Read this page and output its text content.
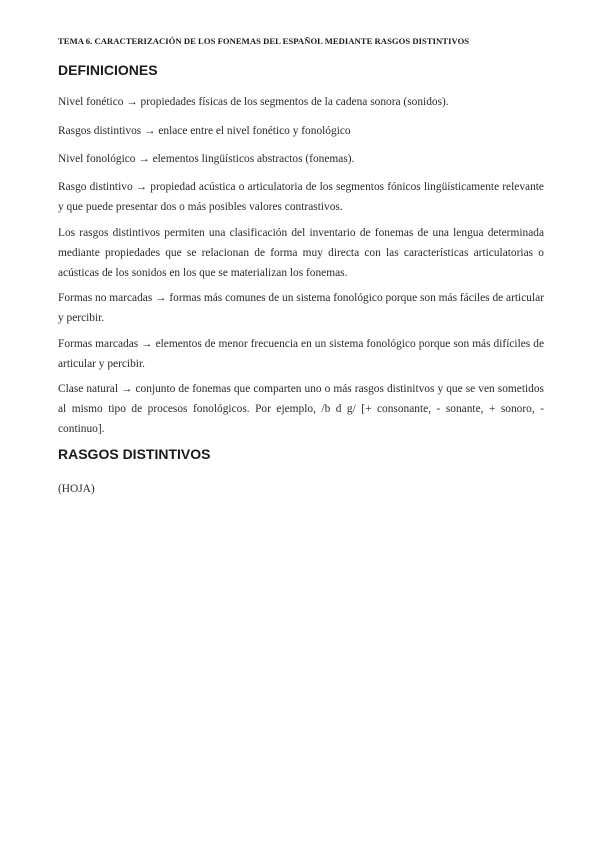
TEMA 6. CARACTERIZACIÓN DE LOS FONEMAS DEL ESPAÑOL MEDIANTE RASGOS DISTINTIVOS
DEFINICIONES
Nivel fonético → propiedades físicas de los segmentos de la cadena sonora (sonidos).
Rasgos distintivos → enlace entre el nivel fonético y fonológico
Nivel fonológico → elementos lingüísticos abstractos (fonemas).
Rasgo distintivo → propiedad acústica o articulatoria de los segmentos fónicos lingüísticamente relevante y que puede presentar dos o más posibles valores contrastivos.
Los rasgos distintivos permiten una clasificación del inventario de fonemas de una lengua determinada mediante propiedades que se relacionan de forma muy directa con las características articulatorias o acústicas de los sonidos en los que se materializan los fonemas.
Formas no marcadas → formas más comunes de un sistema fonológico porque son más fáciles de articular y percibir.
Formas marcadas → elementos de menor frecuencia en un sistema fonológico porque son más difíciles de articular y percibir.
Clase natural → conjunto de fonemas que comparten uno o más rasgos distinitvos y que se ven sometidos al mismo tipo de procesos fonológicos. Por ejemplo, /b d g/ [+ consonante, - sonante, + sonoro, - continuo].
RASGOS DISTINTIVOS
(HOJA)
